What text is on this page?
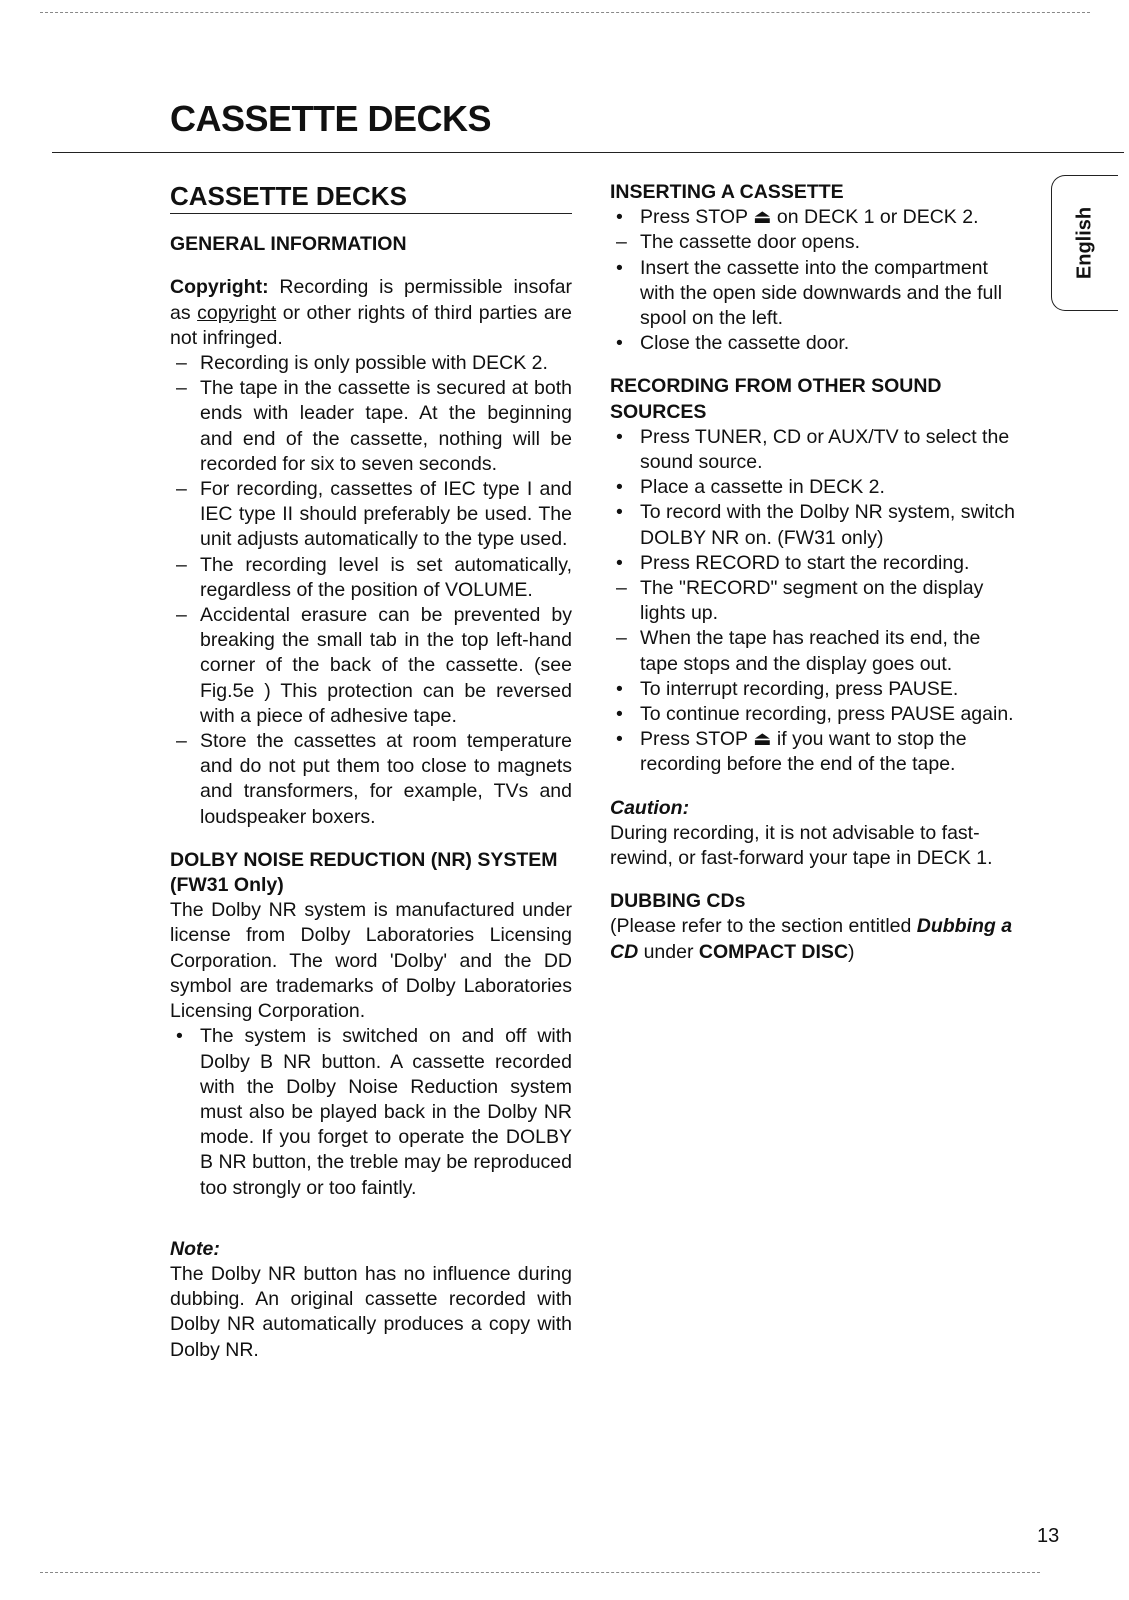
CASSETTE DECKS
English
CASSETTE DECKS

GENERAL INFORMATION

Copyright: Recording is permissible insofar as copyright or other rights of third parties are not infringed.

– Recording is only possible with DECK 2.
– The tape in the cassette is secured at both ends with leader tape. At the beginning and end of the cassette, nothing will be recorded for six to seven seconds.
– For recording, cassettes of IEC type I and IEC type II should preferably be used. The unit adjusts automatically to the type used.
– The recording level is set automatically, regardless of the position of VOLUME.
– Accidental erasure can be prevented by breaking the small tab in the top left-hand corner of the back of the cassette. (see Fig.5e ) This protection can be reversed with a piece of adhesive tape.
– Store the cassettes at room temperature and do not put them too close to magnets and transformers, for example, TVs and loudspeaker boxers.

DOLBY NOISE REDUCTION (NR) SYSTEM (FW31 Only)

The Dolby NR system is manufactured under license from Dolby Laboratories Licensing Corporation. The word 'Dolby' and the DD symbol are trademarks of Dolby Laboratories Licensing Corporation.

• The system is switched on and off with Dolby B NR button. A cassette recorded with the Dolby Noise Reduction system must also be played back in the Dolby NR mode. If you forget to operate the DOLBY B NR button, the treble may be reproduced too strongly or too faintly.

Note:

The Dolby NR button has no influence during dubbing. An original cassette recorded with Dolby NR automatically produces a copy with Dolby NR.

INSERTING A CASSETTE

• Press STOP ⏏ on DECK 1 or DECK 2.
– The cassette door opens.
• Insert the cassette into the compartment with the open side downwards and the full spool on the left.
• Close the cassette door.

RECORDING FROM OTHER SOUND SOURCES

• Press TUNER, CD or AUX/TV to select the sound source.
• Place a cassette in DECK 2.
• To record with the Dolby NR system, switch DOLBY NR on. (FW31 only)
• Press RECORD to start the recording.
– The "RECORD" segment on the display lights up.
– When the tape has reached its end, the tape stops and the display goes out.
• To interrupt recording, press PAUSE.
• To continue recording, press PAUSE again.
• Press STOP ⏏ if you want to stop the recording before the end of the tape.

Caution:

During recording, it is not advisable to fast-rewind, or fast-forward your tape in DECK 1.

DUBBING CDs

(Please refer to the section entitled Dubbing a CD under COMPACT DISC)

13
